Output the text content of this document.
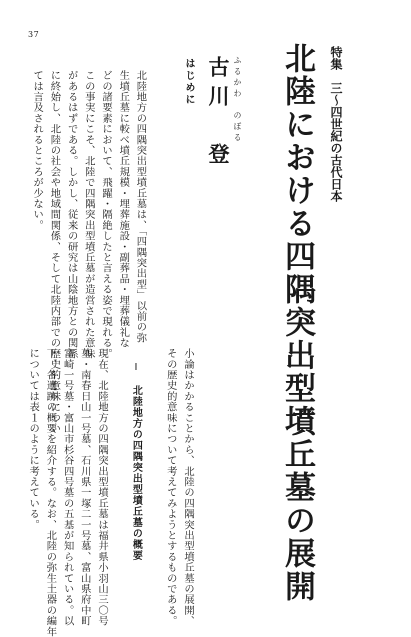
37
特集　三〜四世紀の古代日本
北陸における四隅突出型墳丘墓の展開
ふるかわ　のぼる
古川　登
はじめに
北陸地方の四隅突出型墳丘墓は、「四隅突出型」以前の弥
生墳丘墓に較べ墳丘規模・埋葬施設・副葬品・埋葬儀礼な
どの諸要素において、飛躍・隔絶したと言える姿で現れる。
この事実にこそ、北陸で四隅突出型墳丘墓が造営された意味
があるはずである。しかし、従来の研究は山陰地方との関係
に終始し、北陸の社会や地域間関係、そして北陸内部での歴史的意味につい
ては言及されるところが少ない。
小論はかかることから、北陸の四隅突出型墳丘墓の展開、
その歴史的意味について考えてみようとするものである。

Ⅰ　北陸地方の四隅突出型墳丘墓の概要

現在、北陸地方の四隅突出型墳丘墓は福井県小羽山三〇号
墓・南春日山一号墓、石川県一塚二一号墓、富山県府中町
富崎一号墓・富山市杉谷四号墓の五基が知られている。以
下、各遺跡の概要を紹介する。なお、北陸の弥生土器の編年
については表１のように考えている。
